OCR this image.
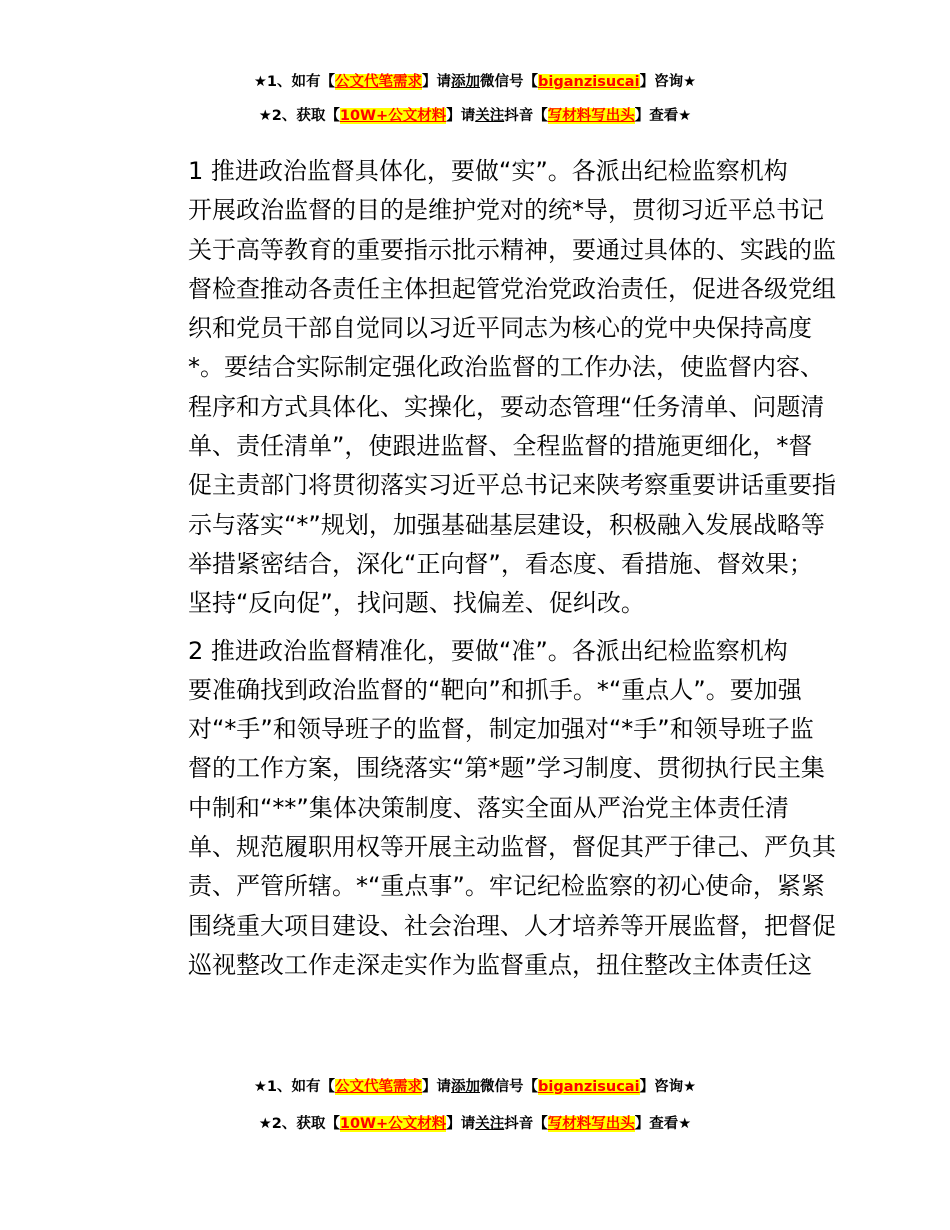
★1、如有【公文代笔需求】请添加微信号【biganzisucai】咨询★
★2、获取【10W+公文材料】请关注抖音【写材料写出头】查看★

1 推进政治监督具体化，要做“实”。各派出纪检监察机构
开展政治监督的目的是维护党对的统*导，贯彻习近平总书记
关于高等教育的重要指示批示精神，要通过具体的、实践的监
督检查推动各责任主体担起管党治党政治责任，促进各级党组
织和党员干部自觉同以习近平同志为核心的党中央保持高度
*。要结合实际制定强化政治监督的工作办法，使监督内容、
程序和方式具体化、实操化，要动态管理“任务清单、问题清
单、责任清单”，使跟进监督、全程监督的措施更细化，*督
促主责部门将贯彻落实习近平总书记来陕考察重要讲话重要指
示与落实“*”规划，加强基础基层建设，积极融入发展战略等
举措紧密结合，深化“正向督”，看态度、看措施、督效果；
坚持“反向促”，找问题、找偏差、促纠改。

2 推进政治监督精准化，要做“准”。各派出纪检监察机构
要准确找到政治监督的“靶向”和抓手。*“重点人”。要加强
对“*手”和领导班子的监督，制定加强对“*手”和领导班子监
督的工作方案，围绕落实“第*题”学习制度、贯彻执行民主集
中制和“**”集体决策制度、落实全面从严治党主体责任清
单、规范履职用权等开展主动监督，督促其严于律己、严负其
责、严管所辖。*“重点事”。牢记纪检监察的初心使命，紧紧
围绕重大项目建设、社会治理、人才培养等开展监督，把督促
巡视整改工作走深走实作为监督重点，扭住整改主体责任这

★1、如有【公文代笔需求】请添加微信号【biganzisucai】咨询★
★2、获取【10W+公文材料】请关注抖音【写材料写出头】查看★
